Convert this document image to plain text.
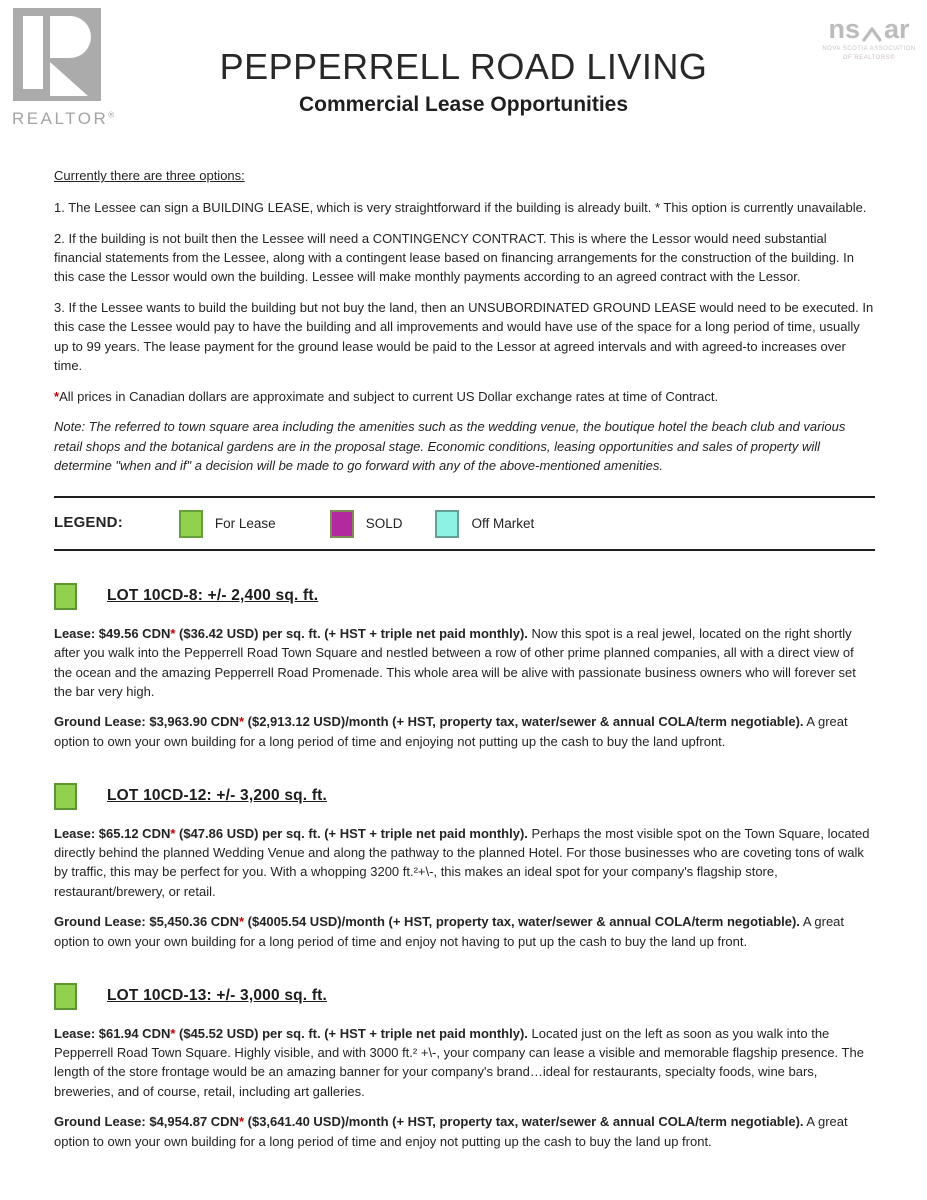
REALTOR®
ns ar
NOVA SCOTIA ASSOCIATION
OF REALTORS®
PEPPERRELL ROAD LIVING
Commercial Lease Opportunities
Currently there are three options:

1. The Lessee can sign a BUILDING LEASE, which is very straightforward if the building is already built. * This option is currently unavailable.

2. If the building is not built then the Lessee will need a CONTINGENCY CONTRACT. This is where the Lessor would need substantial financial statements from the Lessee, along with a contingent lease based on financing arrangements for the construction of the building. In this case the Lessor would own the building. Lessee will make monthly payments according to an agreed contract with the Lessor.

3. If the Lessee wants to build the building but not buy the land, then an UNSUBORDINATED GROUND LEASE would need to be executed. In this case the Lessee would pay to have the building and all improvements and would have use of the space for a long period of time, usually up to 99 years. The lease payment for the ground lease would be paid to the Lessor at agreed intervals and with agreed-to increases over time.

*All prices in Canadian dollars are approximate and subject to current US Dollar exchange rates at time of Contract.

Note: The referred to town square area including the amenities such as the wedding venue, the boutique hotel the beach club and various retail shops and the botanical gardens are in the proposal stage. Economic conditions, leasing opportunities and sales of property will determine "when and if" a decision will be made to go forward with any of the above-mentioned amenities.

LEGEND:	For Lease	SOLD	Off Market
LOT 10CD-8: +/- 2,400 sq. ft.

Lease: $49.56 CDN* ($36.42 USD) per sq. ft. (+ HST + triple net paid monthly). Now this spot is a real jewel, located on the right shortly after you walk into the Pepperrell Road Town Square and nestled between a row of other prime planned companies, all with a direct view of the ocean and the amazing Pepperrell Road Promenade. This whole area will be alive with passionate business owners who will forever set the bar very high.

Ground Lease: $3,963.90 CDN* ($2,913.12 USD)/month (+ HST, property tax, water/sewer & annual COLA/term negotiable). A great option to own your own building for a long period of time and enjoying not putting up the cash to buy the land upfront.

LOT 10CD-12: +/- 3,200 sq. ft.

Lease: $65.12 CDN* ($47.86 USD) per sq. ft. (+ HST + triple net paid monthly). Perhaps the most visible spot on the Town Square, located directly behind the planned Wedding Venue and along the pathway to the planned Hotel. For those businesses who are coveting tons of walk by traffic, this may be perfect for you. With a whopping 3200 ft.²+\-, this makes an ideal spot for your company's flagship store, restaurant/brewery, or retail.

Ground Lease: $5,450.36 CDN* ($4005.54 USD)/month (+ HST, property tax, water/sewer & annual COLA/term negotiable). A great option to own your own building for a long period of time and enjoy not having to put up the cash to buy the land up front.

LOT 10CD-13: +/- 3,000 sq. ft.

Lease: $61.94 CDN* ($45.52 USD) per sq. ft. (+ HST + triple net paid monthly). Located just on the left as soon as you walk into the Pepperrell Road Town Square. Highly visible, and with 3000 ft.² +\-, your company can lease a visible and memorable flagship presence. The length of the store frontage would be an amazing banner for your company's brand…ideal for restaurants, specialty foods, wine bars, breweries, and of course, retail, including art galleries.

Ground Lease: $4,954.87 CDN* ($3,641.40 USD)/month (+ HST, property tax, water/sewer & annual COLA/term negotiable). A great option to own your own building for a long period of time and enjoy not putting up the cash to buy the land up front.
